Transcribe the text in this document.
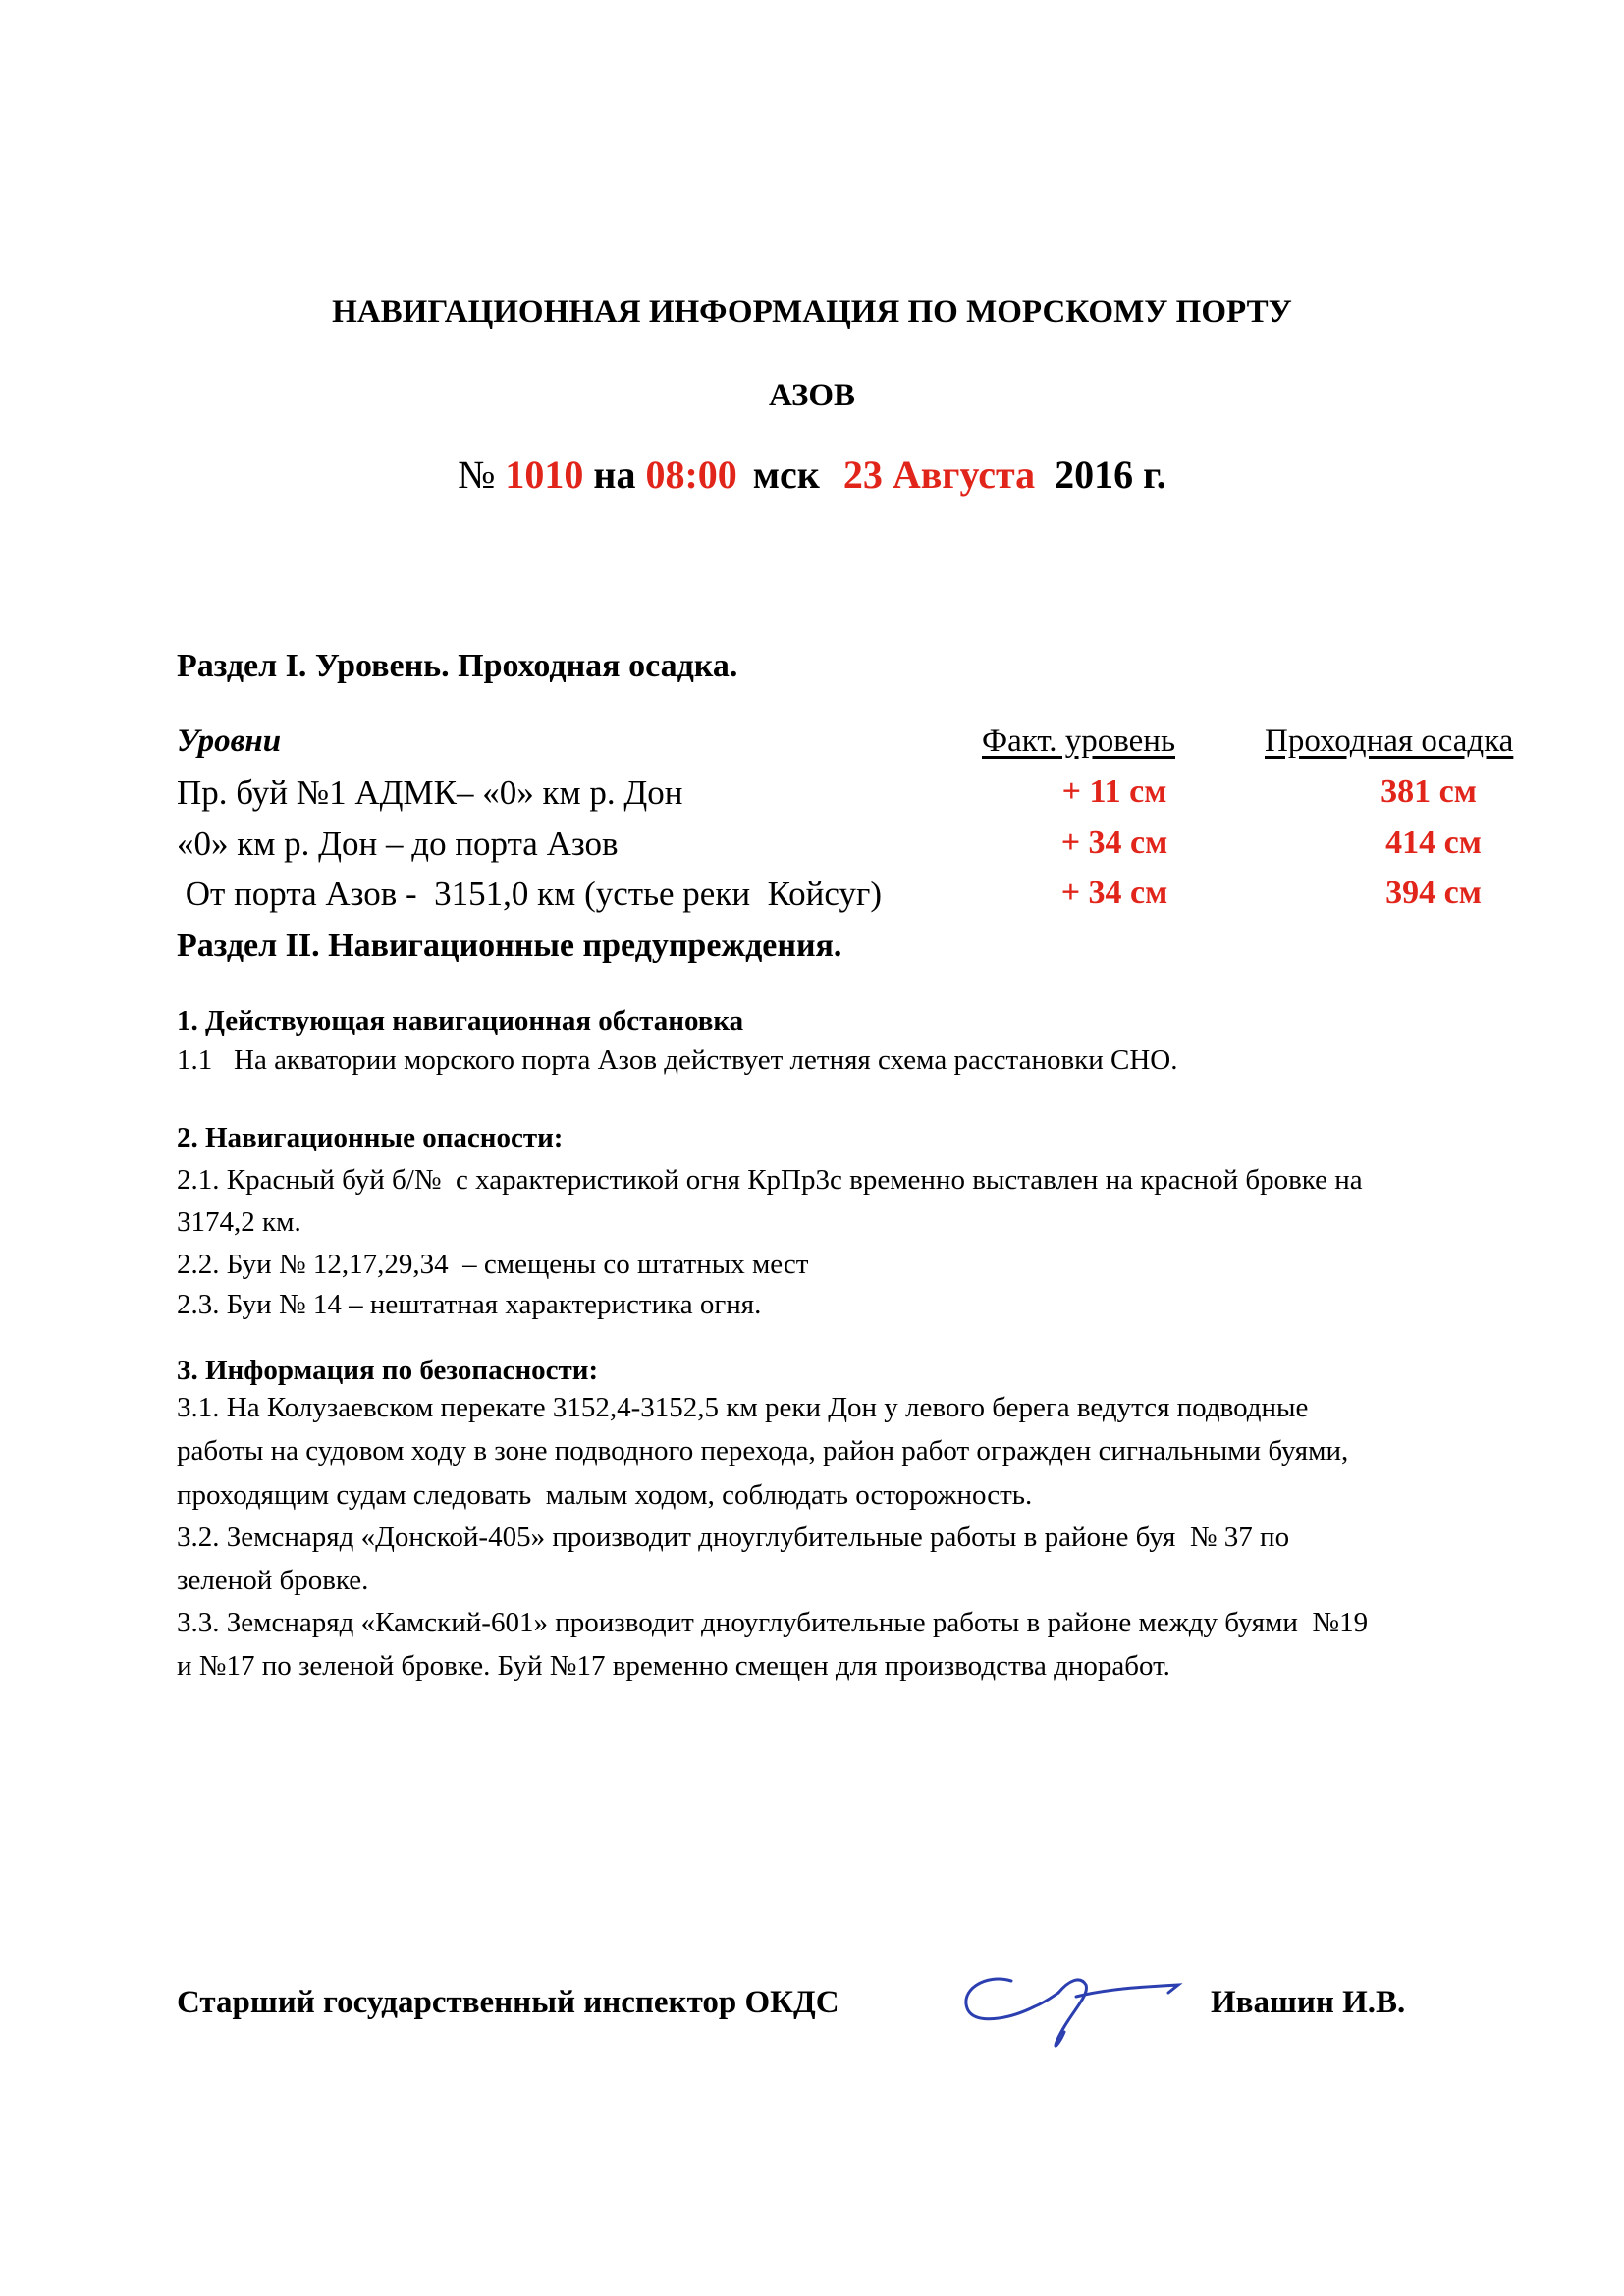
НАВИГАЦИОННАЯ ИНФОРМАЦИЯ ПО МОРСКОМУ ПОРТУ
АЗОВ
№ 1010 на 08:00 мск 23 Августа 2016 г.
Раздел I. Уровень. Проходная осадка.
Уровни	Факт. уровень	Проходная осадка
Пр. буй №1 АДМК– «0» км р. Дон	+ 11 см	381 см
«0» км р. Дон – до порта Азов	+ 34 см	414 см
От порта Азов -  3151,0 км (устье реки  Койсуг)	+ 34 см	394 см
Раздел II. Навигационные предупреждения.
1. Действующая навигационная обстановка
1.1   На акватории морского порта Азов действует летняя схема расстановки СНО.
2. Навигационные опасности:
2.1. Красный буй б/№  с характеристикой огня КрПр3с временно выставлен на красной бровке на
3174,2 км.
2.2. Буи № 12,17,29,34  – смещены со штатных мест
2.3. Буи № 14 – нештатная характеристика огня.
3. Информация по безопасности:
3.1. На Колузаевском перекате 3152,4-3152,5 км реки Дон у левого берега ведутся подводные
работы на судовом ходу в зоне подводного перехода, район работ огражден сигнальными буями,
проходящим судам следовать  малым ходом, соблюдать осторожность.
3.2. Земснаряд «Донской-405» производит дноуглубительные работы в районе буя  № 37 по
зеленой бровке.
3.3. Земснаряд «Камский-601» производит дноуглубительные работы в районе между буями  №19
и №17 по зеленой бровке. Буй №17 временно смещен для производства днoработ.
Старший государственный инспектор ОКДС	Ивашин И.В.
